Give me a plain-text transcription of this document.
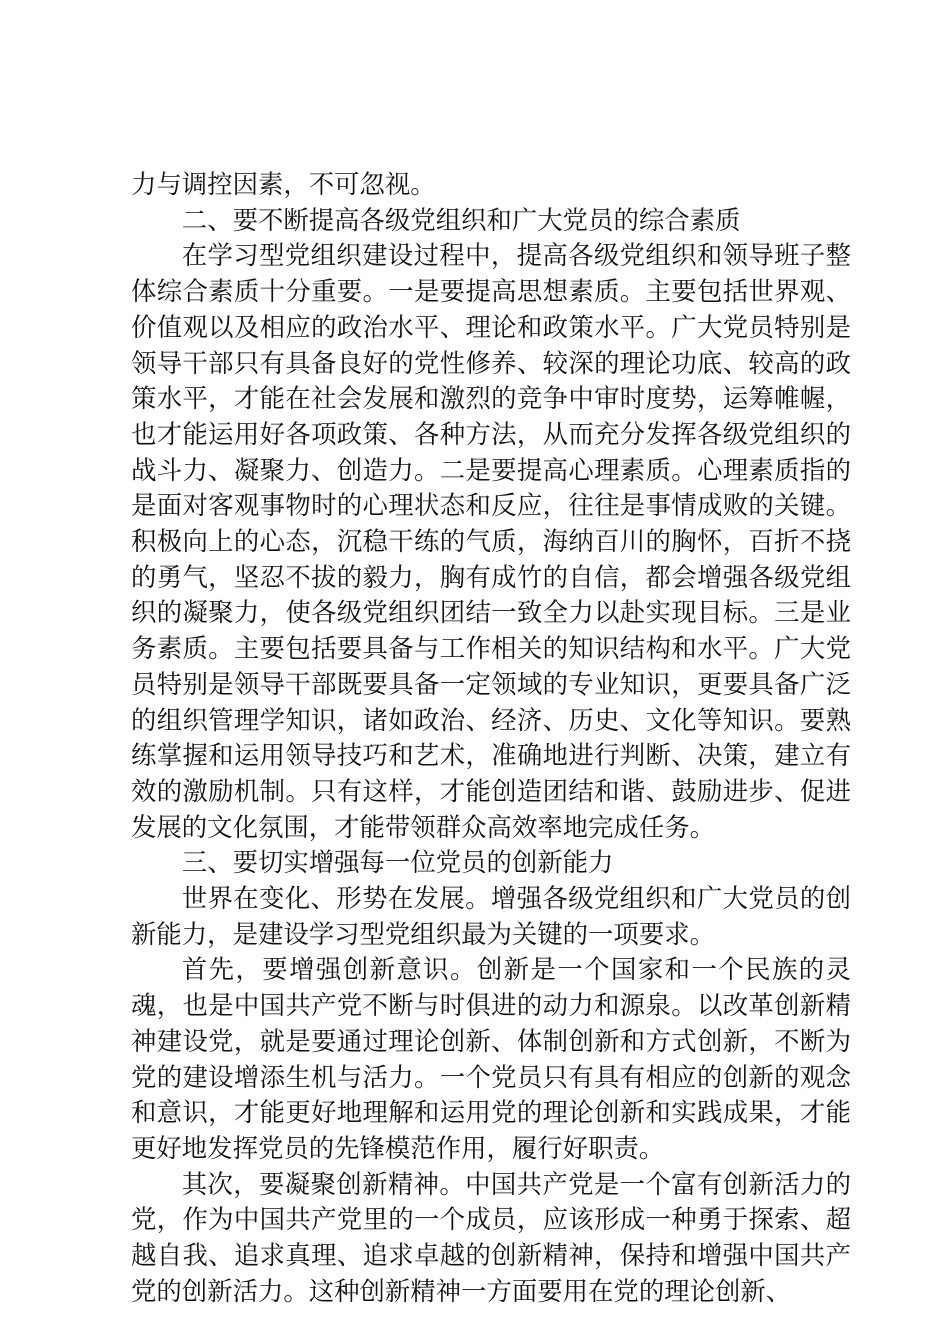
力与调控因素，不可忽视。

二、要不断提高各级党组织和广大党员的综合素质

在学习型党组织建设过程中，提高各级党组织和领导班子整体综合素质十分重要。一是要提高思想素质。主要包括世界观、价值观以及相应的政治水平、理论和政策水平。广大党员特别是领导干部只有具备良好的党性修养、较深的理论功底、较高的政策水平，才能在社会发展和激烈的竞争中审时度势，运筹帷幄，也才能运用好各项政策、各种方法，从而充分发挥各级党组织的战斗力、凝聚力、创造力。二是要提高心理素质。心理素质指的是面对客观事物时的心理状态和反应，往往是事情成败的关键。积极向上的心态，沉稳干练的气质，海纳百川的胸怀，百折不挠的勇气，坚忍不拔的毅力，胸有成竹的自信，都会增强各级党组织的凝聚力，使各级党组织团结一致全力以赴实现目标。三是业务素质。主要包括要具备与工作相关的知识结构和水平。广大党员特别是领导干部既要具备一定领域的专业知识，更要具备广泛的组织管理学知识，诸如政治、经济、历史、文化等知识。要熟练掌握和运用领导技巧和艺术，准确地进行判断、决策，建立有效的激励机制。只有这样，才能创造团结和谐、鼓励进步、促进发展的文化氛围，才能带领群众高效率地完成任务。

三、要切实增强每一位党员的创新能力

世界在变化、形势在发展。增强各级党组织和广大党员的创新能力，是建设学习型党组织最为关键的一项要求。

首先，要增强创新意识。创新是一个国家和一个民族的灵魂，也是中国共产党不断与时俱进的动力和源泉。以改革创新精神建设党，就是要通过理论创新、体制创新和方式创新，不断为党的建设增添生机与活力。一个党员只有具有相应的创新的观念和意识，才能更好地理解和运用党的理论创新和实践成果，才能更好地发挥党员的先锋模范作用，履行好职责。

其次，要凝聚创新精神。中国共产党是一个富有创新活力的党，作为中国共产党里的一个成员，应该形成一种勇于探索、超越自我、追求真理、追求卓越的创新精神，保持和增强中国共产党的创新活力。这种创新精神一方面要用在党的理论创新、
